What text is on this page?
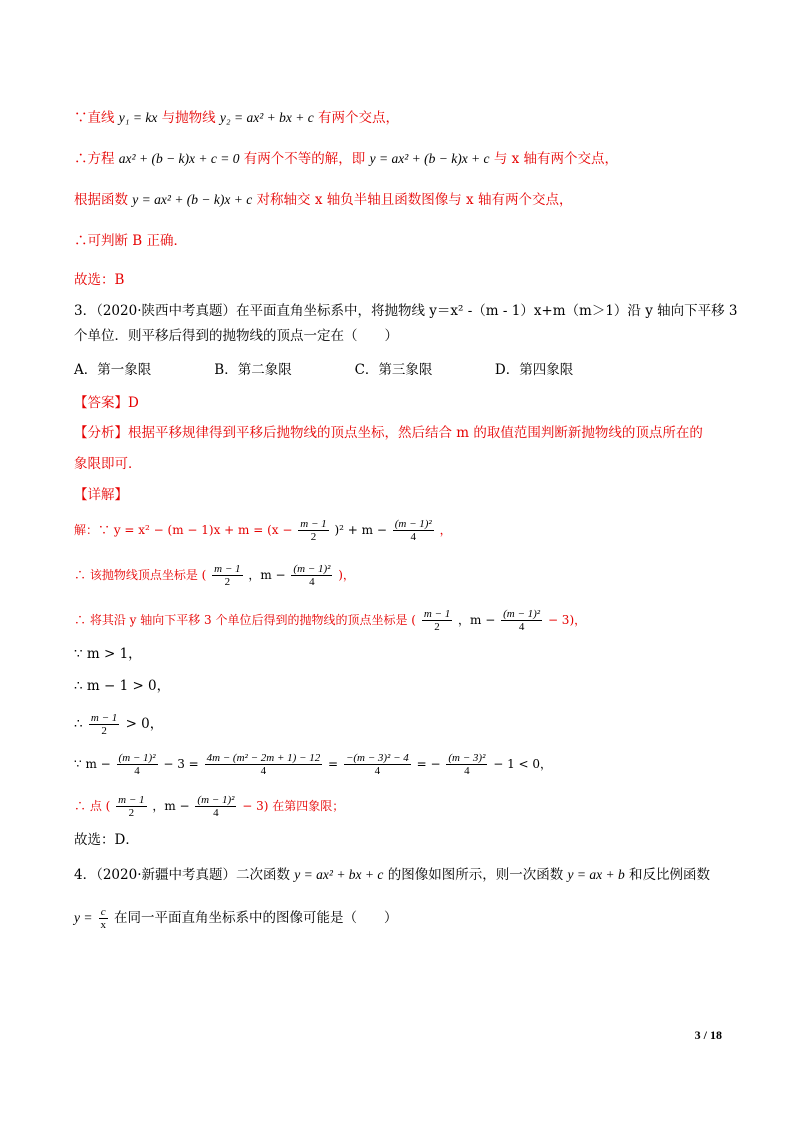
∵直线 y₁ = kx 与抛物线 y₂ = ax² + bx + c 有两个交点，
∴方程 ax² + (b − k)x + c = 0 有两个不等的解，即 y = ax² + (b − k)x + c 与 x 轴有两个交点，
根据函数 y = ax² + (b − k)x + c 对称轴交 x 轴负半轴且函数图像与 x 轴有两个交点，
∴可判断 B 正确．
故选：B
3．（2020·陕西中考真题）在平面直角坐标系中，将抛物线 y＝x² -（m - 1）x+m（m＞1）沿 y 轴向下平移 3
个单位．则平移后得到的抛物线的顶点一定在（　　）
A．第一象限	B．第二象限	C．第三象限	D．第四象限
【答案】D
【分析】根据平移规律得到平移后抛物线的顶点坐标，然后结合 m 的取值范围判断新抛物线的顶点所在的
象限即可．
【详解】
解：∵ $y = x^2 - (m - 1)x + m = (x - \frac{m - 1}{2} )^2 + m - \frac{\text{(m − 1)²}}{4}$ ，
∴ 该抛物线顶点坐标是 ( $\frac{m - 1}{2}$ ，$m - \frac{\text{(m − 1)²}}{4}$ )，
∴ 将其沿 y 轴向下平移 3 个单位后得到的抛物线的顶点坐标是 ( $\frac{m - 1}{2}$ ，$m - \frac{\text{(m − 1)²}}{4} - 3$)，
∵ m > 1，
∴ m − 1 > 0，
∴ $\frac{m - 1}{2} > 0$，
∵ $m - \frac{\text{(m − 1)²}}{4} - 3 = \frac{\text{4m − (m² − 2m + 1) − 12}}{4} = \frac{\text{−(m − 3)² − 4}}{4}$ = − $\frac{\text{(m − 3)²}}{4} - 1 < 0$，
∴ 点 ( $\frac{m - 1}{2}$ ，$m - \frac{\text{(m − 1)²}}{4} - 3$) 在第四象限；
故选：D．
4．（2020·新疆中考真题）二次函数 y = ax² + bx + c 的图像如图所示，则一次函数 y = ax + b 和反比例函数
$y = \frac{c}{x}$ 在同一平面直角坐标系中的图像可能是（　　）
3 / 18
